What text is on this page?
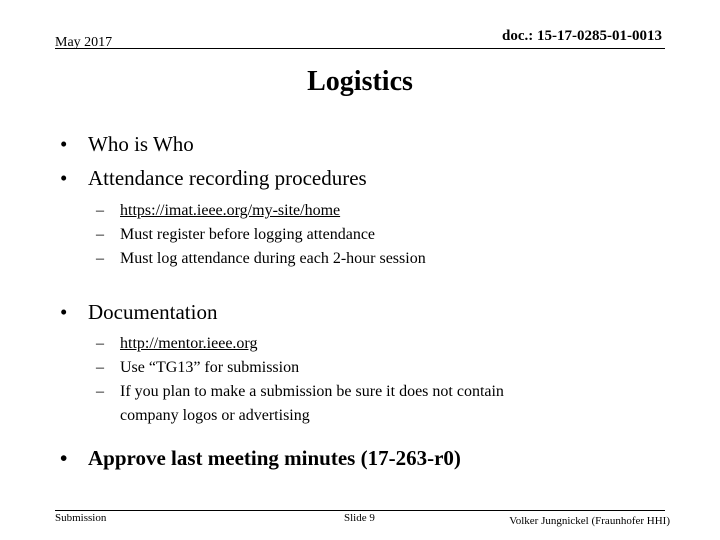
May 2017	doc.: 15-17-0285-01-0013
Logistics
• Who is Who
• Attendance recording procedures
– https://imat.ieee.org/my-site/home
– Must register before logging attendance
– Must log attendance during each 2-hour session
• Documentation
– http://mentor.ieee.org
– Use “TG13” for submission
– If you plan to make a submission be sure it does not contain
company logos or advertising
• Approve last meeting minutes (17-263-r0)
Submission	Slide 9	Volker Jungnickel (Fraunhofer HHI)
